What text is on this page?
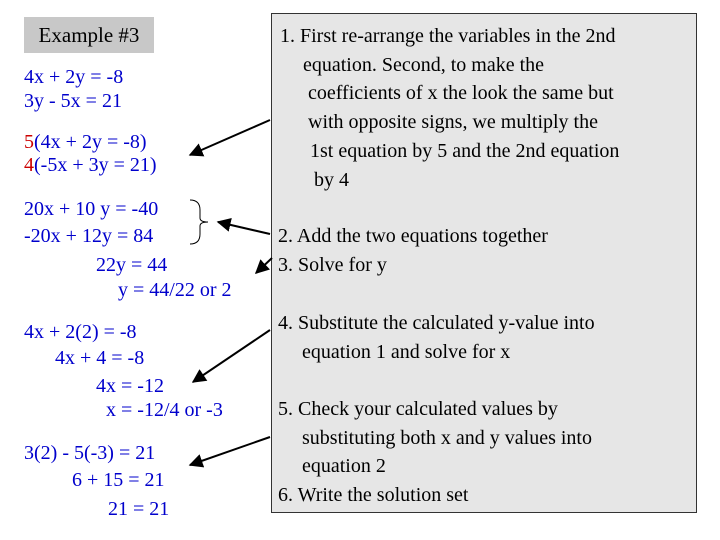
Example #3
4x + 2y = -8
3y - 5x = 21
5(4x + 2y = -8)
4(-5x + 3y = 21)
20x + 10 y = -40
-20x + 12y = 84
22y = 44
y = 44/22 or 2
4x + 2(2) = -8
4x + 4 = -8
4x = -12
x = -12/4 or -3
3(2) - 5(-3) = 21
6 + 15 = 21
21 = 21
1. First re-arrange the variables in the 2nd
equation. Second, to make the
coefficients of x the look the same but
with opposite signs, we multiply the
1st equation by 5 and the 2nd equation
by 4
2. Add the two equations together
3. Solve for y
4. Substitute the calculated y-value into
equation 1 and solve for x
5. Check your calculated values by
substituting both x and y values into
equation 2
6. Write the solution set
